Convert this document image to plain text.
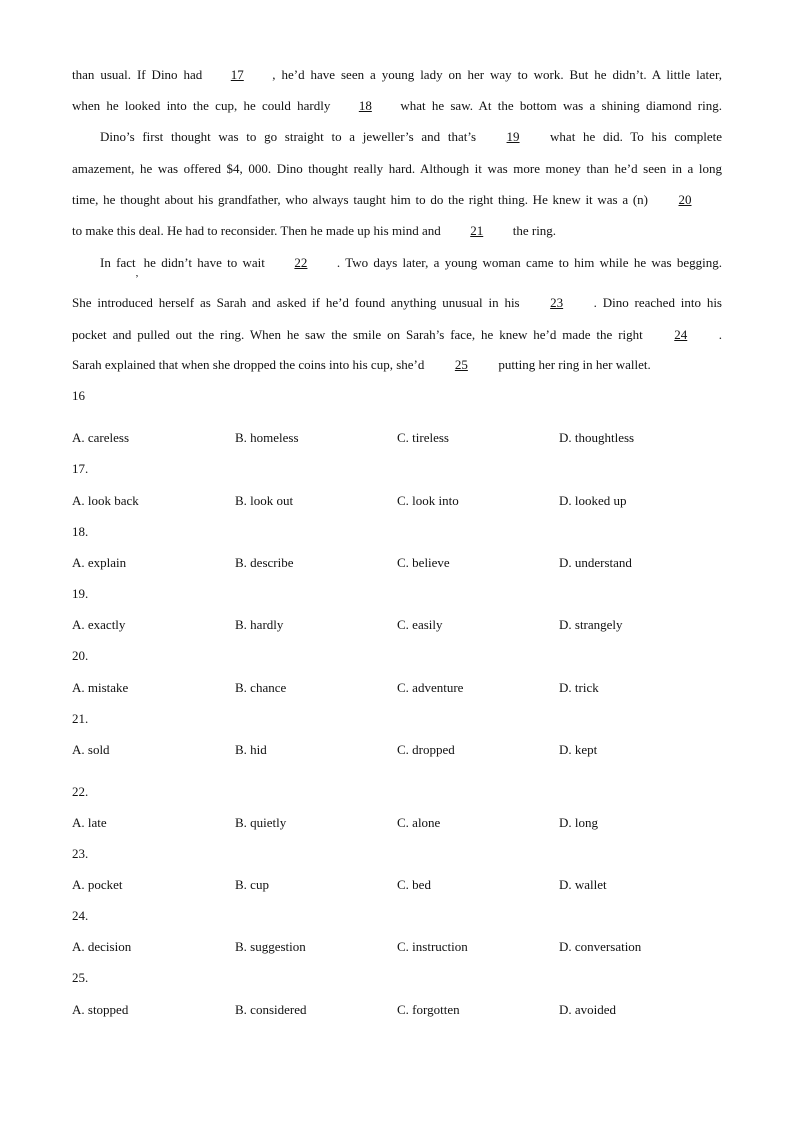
than usual. If Dino had 17 , he’d have seen a young lady on her way to work. But he didn’t. A little later,
when he looked into the cup, he could hardly 18 what he saw. At the bottom was a shining diamond ring.
Dino’s first thought was to go straight to a jeweller’s and that’s 19 what he did. To his complete
amazement, he was offered $4, 000. Dino thought really hard. Although it was more money than he’d seen in a long
time, he thought about his grandfather, who always taught him to do the right thing. He knew it was a (n) 20
to make this deal. He had to reconsider. Then he made up his mind and 21 the ring.
In fact$_,$ he didn’t have to wait 22 . Two days later, a young woman came to him while he was begging.
She introduced herself as Sarah and asked if he’d found anything unusual in his 23 . Dino reached into his
pocket and pulled out the ring. When he saw the smile on Sarah’s face, he knew he’d made the right 24 .
Sarah explained that when she dropped the coins into his cup, she’d 25 putting her ring in her wallet.
16
A. careless	B. homeless	C. tireless	D. thoughtless
17.
A. look back	B. look out	C. look into	D. looked up
18.
A. explain	B. describe	C. believe	D. understand
19.
A. exactly	B. hardly	C. easily	D. strangely
20.
A. mistake	B. chance	C. adventure	D. trick
21.
A. sold	B. hid	C. dropped	D. kept
22.
A. late	B. quietly	C. alone	D. long
23.
A. pocket	B. cup	C. bed	D. wallet
24.
A. decision	B. suggestion	C. instruction	D. conversation
25.
A. stopped	B. considered	C. forgotten	D. avoided
